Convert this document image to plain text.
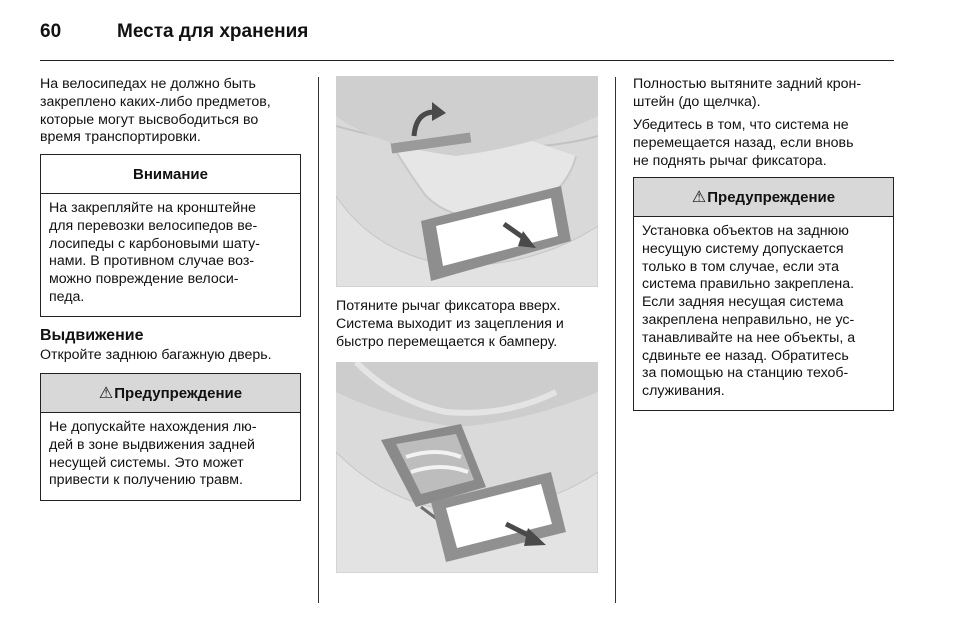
60	Места для хранения
На велосипедах не должно быть
закреплено каких-либо предметов,
которые могут высвободиться во
время транспортировки.
Внимание
На закрепляйте на кронштейне
для перевозки велосипедов ве-
лосипеды с карбоновыми шату-
нами. В противном случае воз-
можно повреждение велоси-
педа.
Выдвижение
Откройте заднюю багажную дверь.
⚠ Предупреждение
Не допускайте нахождения лю-
дей в зоне выдвижения задней
несущей системы. Это может
привести к получению травм.
Потяните рычаг фиксатора вверх.
Система выходит из зацепления и
быстро перемещается к бамперу.
Полностью вытяните задний крон-
штейн (до щелчка).
Убедитесь в том, что система не
перемещается назад, если вновь
не поднять рычаг фиксатора.
⚠ Предупреждение
Установка объектов на заднюю
несущую систему допускается
только в том случае, если эта
система правильно закреплена.
Если задняя несущая система
закреплена неправильно, не ус-
танавливайте на нее объекты, а
сдвиньте ее назад. Обратитесь
за помощью на станцию техоб-
служивания.
